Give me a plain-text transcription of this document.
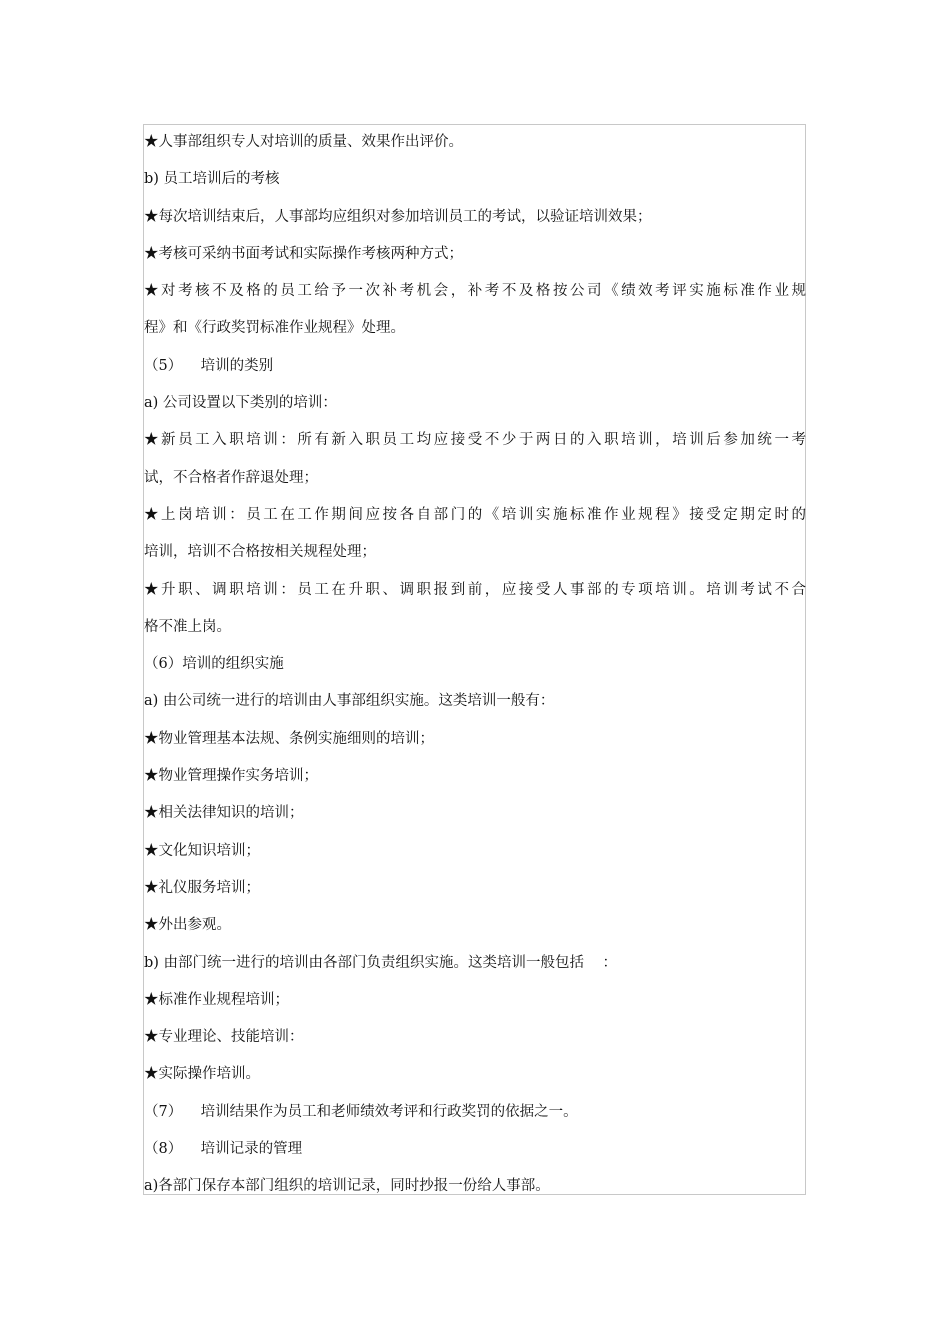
★人事部组织专人对培训的质量、效果作出评价。
b) 员工培训后的考核
★每次培训结束后，人事部均应组织对参加培训员工的考试，以验证培训效果；
★考核可采纳书面考试和实际操作考核两种方式；
★对考核不及格的员工给予一次补考机会，补考不及格按公司《绩效考评实施标准作业规
程》和《行政奖罚标准作业规程》处理。
（5）    培训的类别
a) 公司设置以下类别的培训：
★新员工入职培训：所有新入职员工均应接受不少于两日的入职培训，培训后参加统一考
试，不合格者作辞退处理；
★上岗培训：员工在工作期间应按各自部门的《培训实施标准作业规程》接受定期定时的
培训，培训不合格按相关规程处理；
★升职、调职培训：员工在升职、调职报到前，应接受人事部的专项培训。培训考试不合
格不准上岗。
（6）培训的组织实施
a) 由公司统一进行的培训由人事部组织实施。这类培训一般有：
★物业管理基本法规、条例实施细则的培训；
★物业管理操作实务培训；
★相关法律知识的培训；
★文化知识培训；
★礼仪服务培训；
★外出参观。
b) 由部门统一进行的培训由各部门负责组织实施。这类培训一般包括    ：
★标准作业规程培训；
★专业理论、技能培训：
★实际操作培训。
（7）    培训结果作为员工和老师绩效考评和行政奖罚的依据之一。
（8）    培训记录的管理
a)各部门保存本部门组织的培训记录，同时抄报一份给人事部。
